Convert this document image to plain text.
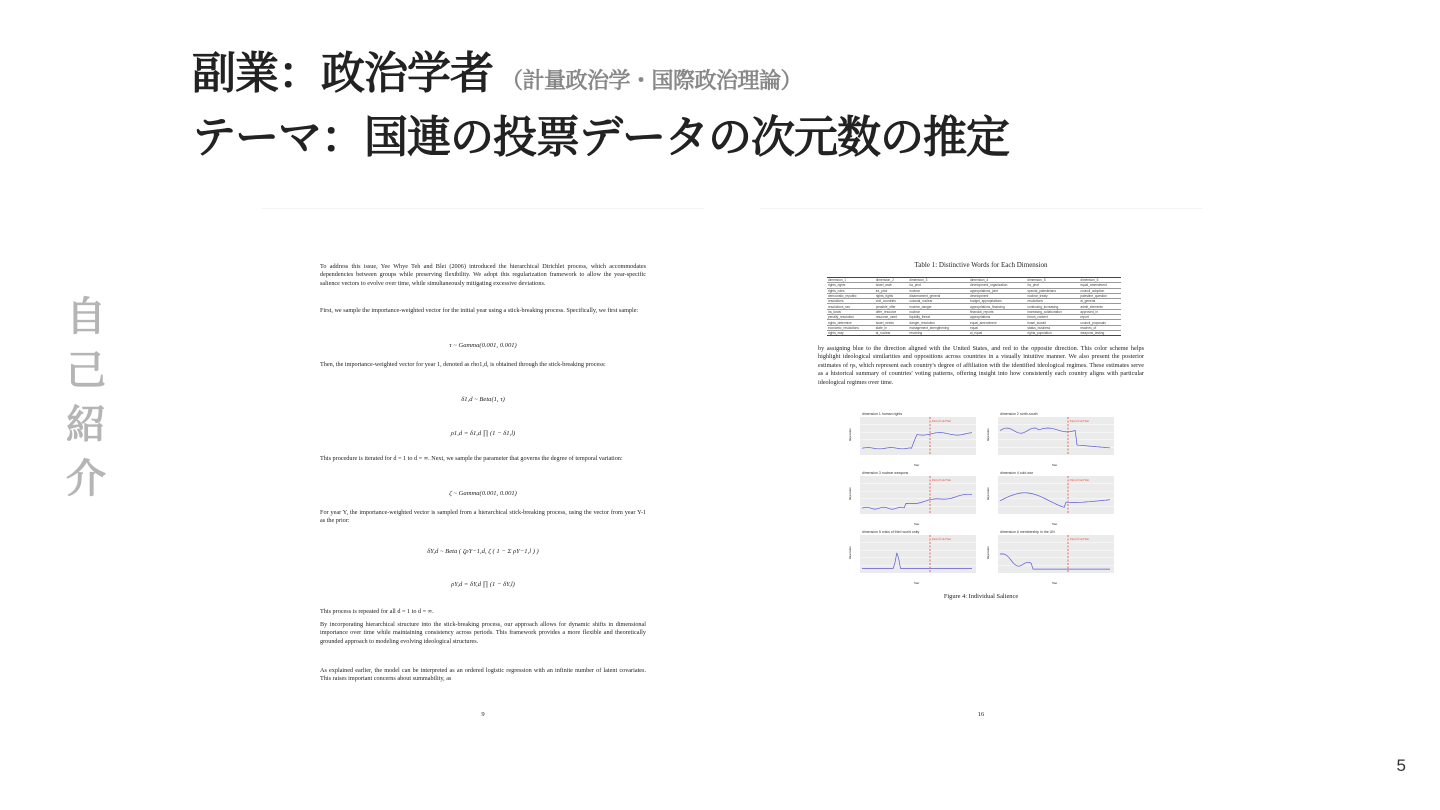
副業：政治学者 （計量政治学・国際政治理論）
テーマ：国連の投票データの次元数の推定
自
己
紹
介
To address this issue, Yee Whye Teh and Blei (2006) introduced the hierarchical Dirichlet process, which accommodates dependencies between groups while preserving flexibility. We adopt this regularization framework to allow the year-specific salience vectors to evolve over time, while simultaneously mitigating excessive deviations.
First, we sample the importance-weighted vector for the initial year using a stick-breaking process. Specifically, we first sample:
τ ~ Gamma(0.001, 0.001)
Then, the importance-weighted vector for year 1, denoted as rho1,d, is obtained through the stick-breaking process:
δ1,d ~ Beta(1, τ)
ρ1,d = δ1,d ∏ (1 − δ1,l)
This procedure is iterated for d = 1 to d = ∞. Next, we sample the parameter that governs the degree of temporal variation:
ζ ~ Gamma(0.001, 0.001)
For year Y, the importance-weighted vector is sampled from a hierarchical stick-breaking process, using the vector from year Y-1 as the prior:
δY,d ~ Beta ( ζρY−1,d, ζ ( 1 − Σ ρY−1,l ) )
ρY,d = δY,d ∏ (1 − δY,l)
This process is repeated for all d = 1 to d = ∞.
By incorporating hierarchical structure into the stick-breaking process, our approach allows for dynamic shifts in dimensional importance over time while maintaining consistency across periods. This framework provides a more flexible and theoretically grounded approach to modeling evolving ideological structures.
As explained earlier, the model can be interpreted as an ordered logistic regression with an infinite number of latent covariates. This raises important concerns about summability, as
9
Table 1: Distinctive Words for Each Dimension
dimension_1	dimension_2	dimension_3	dimension_4	dimension_5	dimension_6
rights_rights	israel_arab	ira_phot	development_organization	ira_phot	equal_amendment
rights_rules	ira_phot	nuclear	appropriations_joint	special_palestinians	council_adoption
democratic_republic	rights_rights	disarmament_general	development	nuclear_treaty	palestine_question
resolutions	civil_countries	colonial_nuclear	budget_appropriations	resolutions	ai_general
resolutions_sec	possible_offer	nuclear_danger	appropriations_financing	continuing_increasing	admit_elements
ira_lands	offer_resource	nuclear	financial_reports	increasing_collaboration	approved_in
penalty_resolution	resource_used	liquidity_threat	appropriations	forum_context	report
rights_determine	israel_needs	danger_resolution	equal_amendment	israel_kuwait	council_proposals
economic_resolutions	state_in	management_strengthening	equal	status_business	reaches_of
rights_may	ai_nuclear	resolving	ai_equal	rights_population	weapons_testing
by assigning blue to the direction aligned with the United States, and red to the opposite direction. This color scheme helps highlight ideological similarities and oppositions across countries in a visually intuitive manner. We also present the posterior estimates of ηs, which represent each country's degree of affiliation with the identified ideological regimes. These estimates serve as a historical summary of countries' voting patterns, offering insight into how consistently each country aligns with particular ideological regimes over time.
dimension 1 human rights
End of Cold War
Importance
Year
dimension 2 north-south
End of Cold War
Importance
Year
dimension 3 nuclear weapons
End of Cold War
Importance
Year
dimension 4 cold war
End of Cold War
Importance
Year
dimension 5 crisis of third world unity
End of Cold War
Importance
Year
dimension 6 membership in the UN
End of Cold War
Importance
Year
Figure 4: Individual Salience
16
5
